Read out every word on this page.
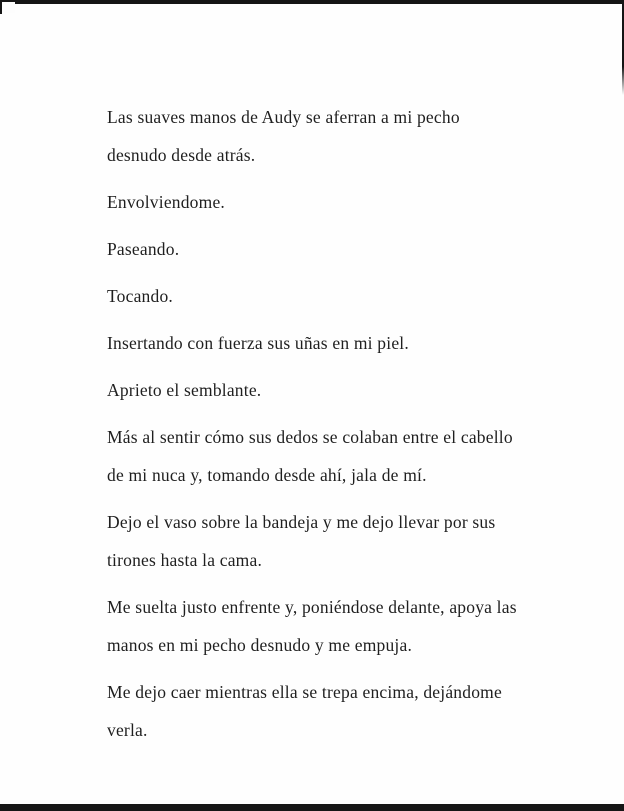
Las suaves manos de Audy se aferran a mi pecho
desnudo desde atrás.

Envolviendome.

Paseando.

Tocando.

Insertando con fuerza sus uñas en mi piel.

Aprieto el semblante.

Más al sentir cómo sus dedos se colaban entre el cabello
de mi nuca y, tomando desde ahí, jala de mí.

Dejo el vaso sobre la bandeja y me dejo llevar por sus
tirones hasta la cama.

Me suelta justo enfrente y, poniéndose delante, apoya las
manos en mi pecho desnudo y me empuja.

Me dejo caer mientras ella se trepa encima, dejándome
verla.
